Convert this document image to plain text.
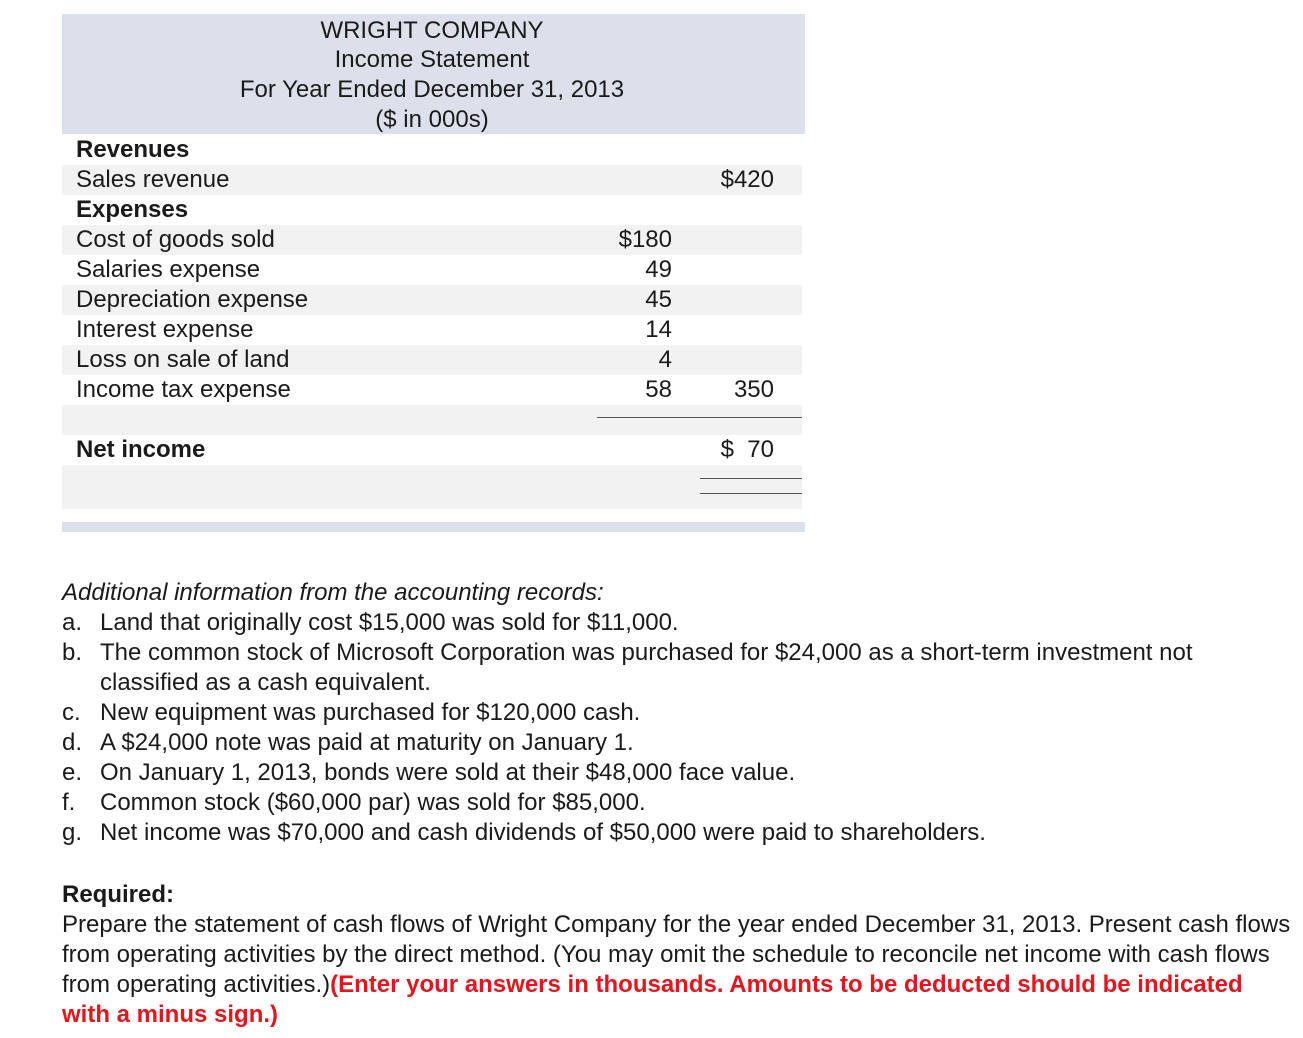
WRIGHT COMPANY
Income Statement
For Year Ended December 31, 2013
($ in 000s)
Revenues
Sales revenue	$420
Expenses
Cost of goods sold	$180
Salaries expense	49
Depreciation expense	45
Interest expense	14
Loss on sale of land	4
Income tax expense	58	350
Net income	$  70
Additional information from the accounting records:
a. Land that originally cost $15,000 was sold for $11,000.
b. The common stock of Microsoft Corporation was purchased for $24,000 as a short-term investment not classified as a cash equivalent.
c. New equipment was purchased for $120,000 cash.
d. A $24,000 note was paid at maturity on January 1.
e. On January 1, 2013, bonds were sold at their $48,000 face value.
f. Common stock ($60,000 par) was sold for $85,000.
g. Net income was $70,000 and cash dividends of $50,000 were paid to shareholders.
Required:
Prepare the statement of cash flows of Wright Company for the year ended December 31, 2013. Present cash flows from operating activities by the direct method. (You may omit the schedule to reconcile net income with cash flows from operating activities.)(Enter your answers in thousands. Amounts to be deducted should be indicated with a minus sign.)
